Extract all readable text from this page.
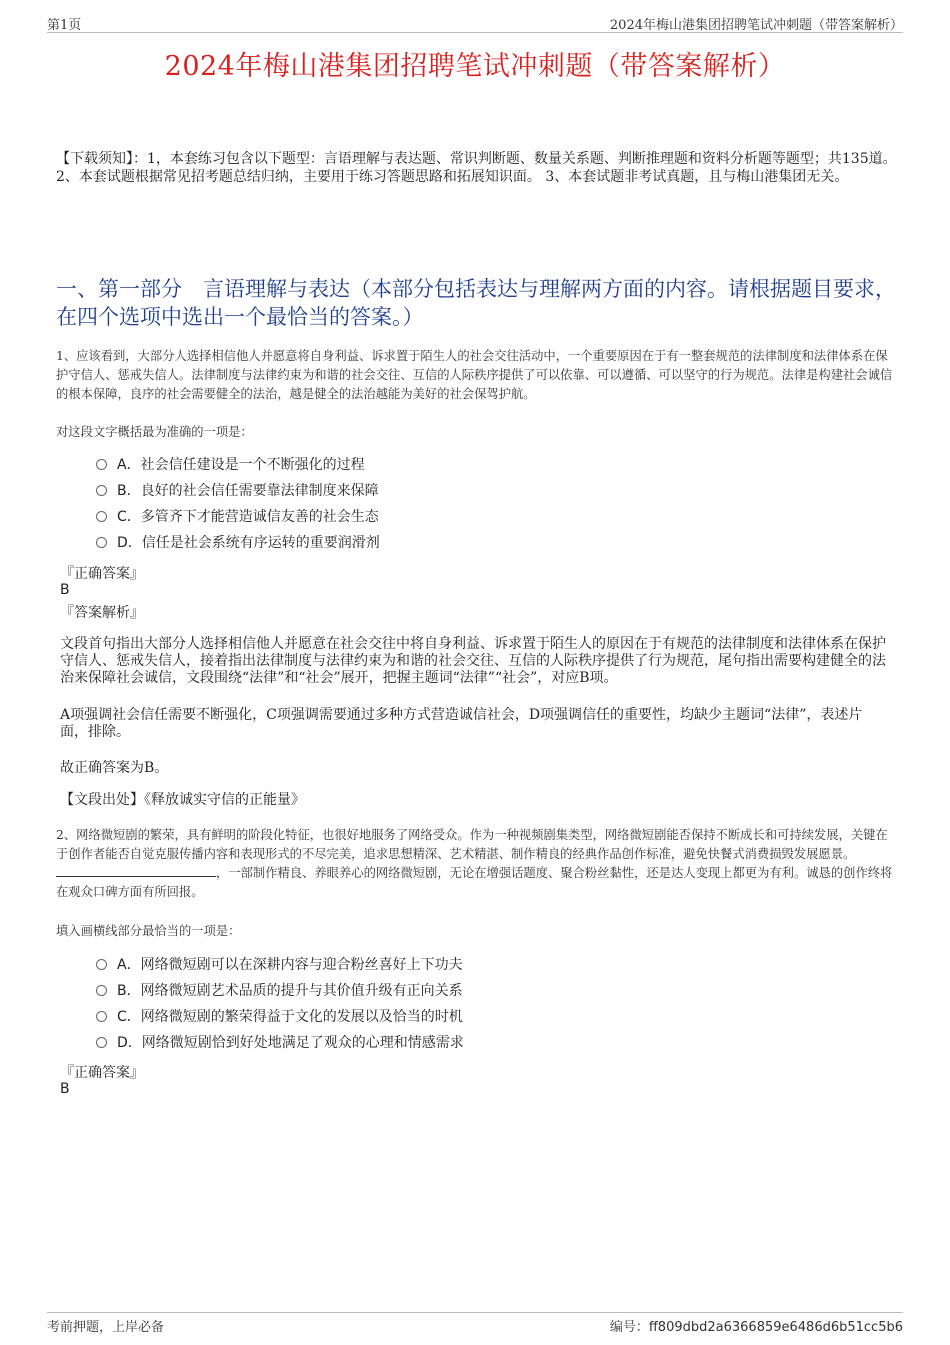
第1页	2024年梅山港集团招聘笔试冲刺题（带答案解析）
2024年梅山港集团招聘笔试冲刺题（带答案解析）
【下载须知】：1，本套练习包含以下题型：言语理解与表达题、常识判断题、数量关系题、判断推理题和资料分析题等题型；共135道。 2、本套试题根据常见招考题总结归纳，主要用于练习答题思路和拓展知识面。 3、本套试题非考试真题，且与梅山港集团无关。
一、第一部分　言语理解与表达（本部分包括表达与理解两方面的内容。请根据题目要求，在四个选项中选出一个最恰当的答案。）
1、应该看到，大部分人选择相信他人并愿意将自身利益、诉求置于陌生人的社会交往活动中，一个重要原因在于有一整套规范的法律制度和法律体系在保护守信人、惩戒失信人。法律制度与法律约束为和谐的社会交往、互信的人际秩序提供了可以依靠、可以遵循、可以坚守的行为规范。法律是构建社会诚信的根本保障，良序的社会需要健全的法治，越是健全的法治越能为美好的社会保驾护航。
对这段文字概括最为准确的一项是：
A．社会信任建设是一个不断强化的过程
B．良好的社会信任需要靠法律制度来保障
C．多管齐下才能营造诚信友善的社会生态
D．信任是社会系统有序运转的重要润滑剂
『正确答案』
B
『答案解析』
文段首句指出大部分人选择相信他人并愿意在社会交往中将自身利益、诉求置于陌生人的原因在于有规范的法律制度和法律体系在保护守信人、惩戒失信人，接着指出法律制度与法律约束为和谐的社会交往、互信的人际秩序提供了行为规范，尾句指出需要构建健全的法治来保障社会诚信，文段围绕“法律”和“社会”展开，把握主题词“法律”“社会”，对应B项。
A项强调社会信任需要不断强化，C项强调需要通过多种方式营造诚信社会，D项强调信任的重要性，均缺少主题词“法律”，表述片面，排除。
故正确答案为B。
【文段出处】《释放诚实守信的正能量》
2、网络微短剧的繁荣，具有鲜明的阶段化特征，也很好地服务了网络受众。作为一种视频剧集类型，网络微短剧能否保持不断成长和可持续发展，关键在于创作者能否自觉克服传播内容和表现形式的不尽完美，追求思想精深、艺术精湛、制作精良的经典作品创作标准，避免快餐式消费损毁发展愿景。，一部制作精良、养眼养心的网络微短剧，无论在增强话题度、聚合粉丝黏性，还是达人变现上都更为有利。诚恳的创作终将在观众口碑方面有所回报。
填入画横线部分最恰当的一项是：
A．网络微短剧可以在深耕内容与迎合粉丝喜好上下功夫
B．网络微短剧艺术品质的提升与其价值升级有正向关系
C．网络微短剧的繁荣得益于文化的发展以及恰当的时机
D．网络微短剧恰到好处地满足了观众的心理和情感需求
『正确答案』
B
考前押题，上岸必备	编号：ff809dbd2a6366859e6486d6b51cc5b6
